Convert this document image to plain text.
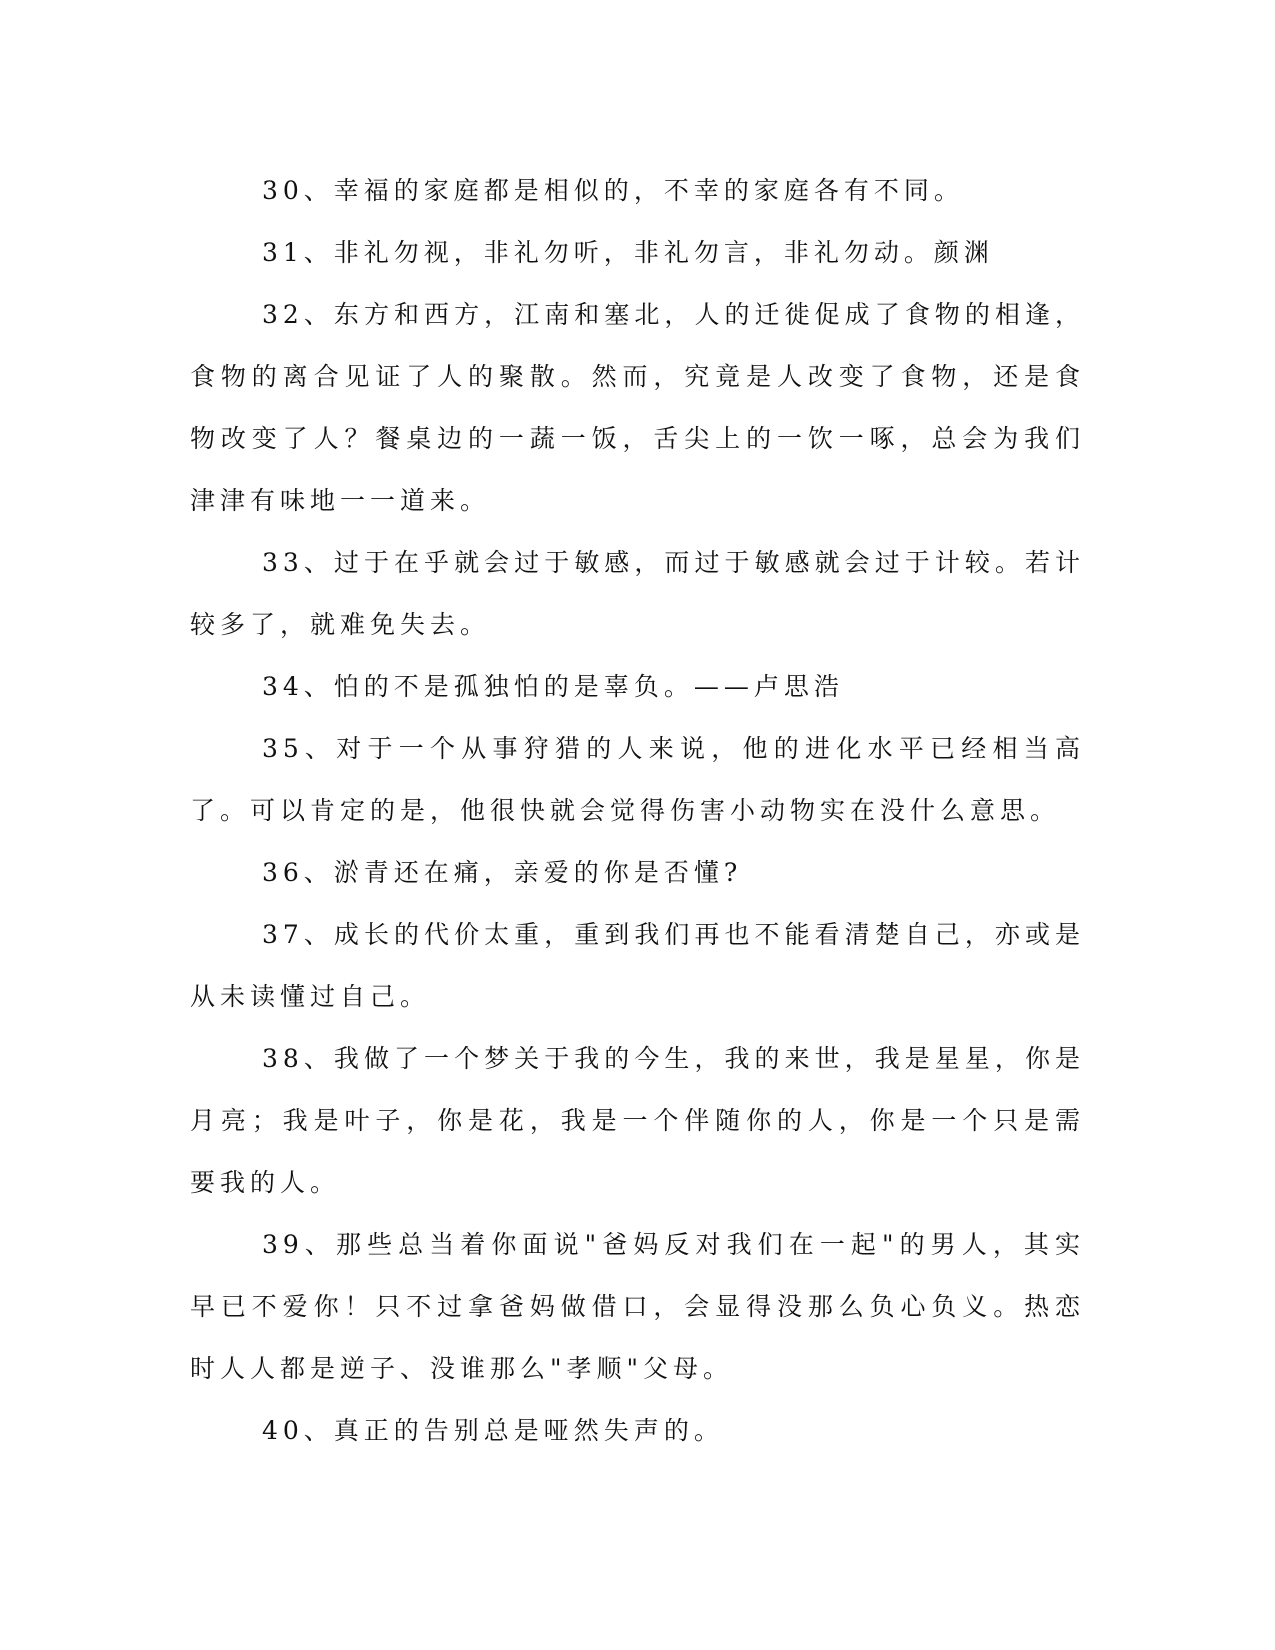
30、幸福的家庭都是相似的，不幸的家庭各有不同。

31、非礼勿视，非礼勿听，非礼勿言，非礼勿动。颜渊

32、东方和西方，江南和塞北，人的迁徙促成了食物的相逢，食物的离合见证了人的聚散。然而，究竟是人改变了食物，还是食物改变了人？餐桌边的一蔬一饭，舌尖上的一饮一啄，总会为我们津津有味地一一道来。

33、过于在乎就会过于敏感，而过于敏感就会过于计较。若计较多了，就难免失去。

34、怕的不是孤独怕的是辜负。——卢思浩

35、对于一个从事狩猎的人来说，他的进化水平已经相当高了。可以肯定的是，他很快就会觉得伤害小动物实在没什么意思。

36、淤青还在痛，亲爱的你是否懂?

37、成长的代价太重，重到我们再也不能看清楚自己，亦或是从未读懂过自己。

38、我做了一个梦关于我的今生，我的来世，我是星星，你是月亮；我是叶子，你是花，我是一个伴随你的人，你是一个只是需要我的人。

39、那些总当着你面说"爸妈反对我们在一起"的男人，其实早已不爱你！只不过拿爸妈做借口，会显得没那么负心负义。热恋时人人都是逆子、没谁那么"孝顺"父母。

40、真正的告别总是哑然失声的。
